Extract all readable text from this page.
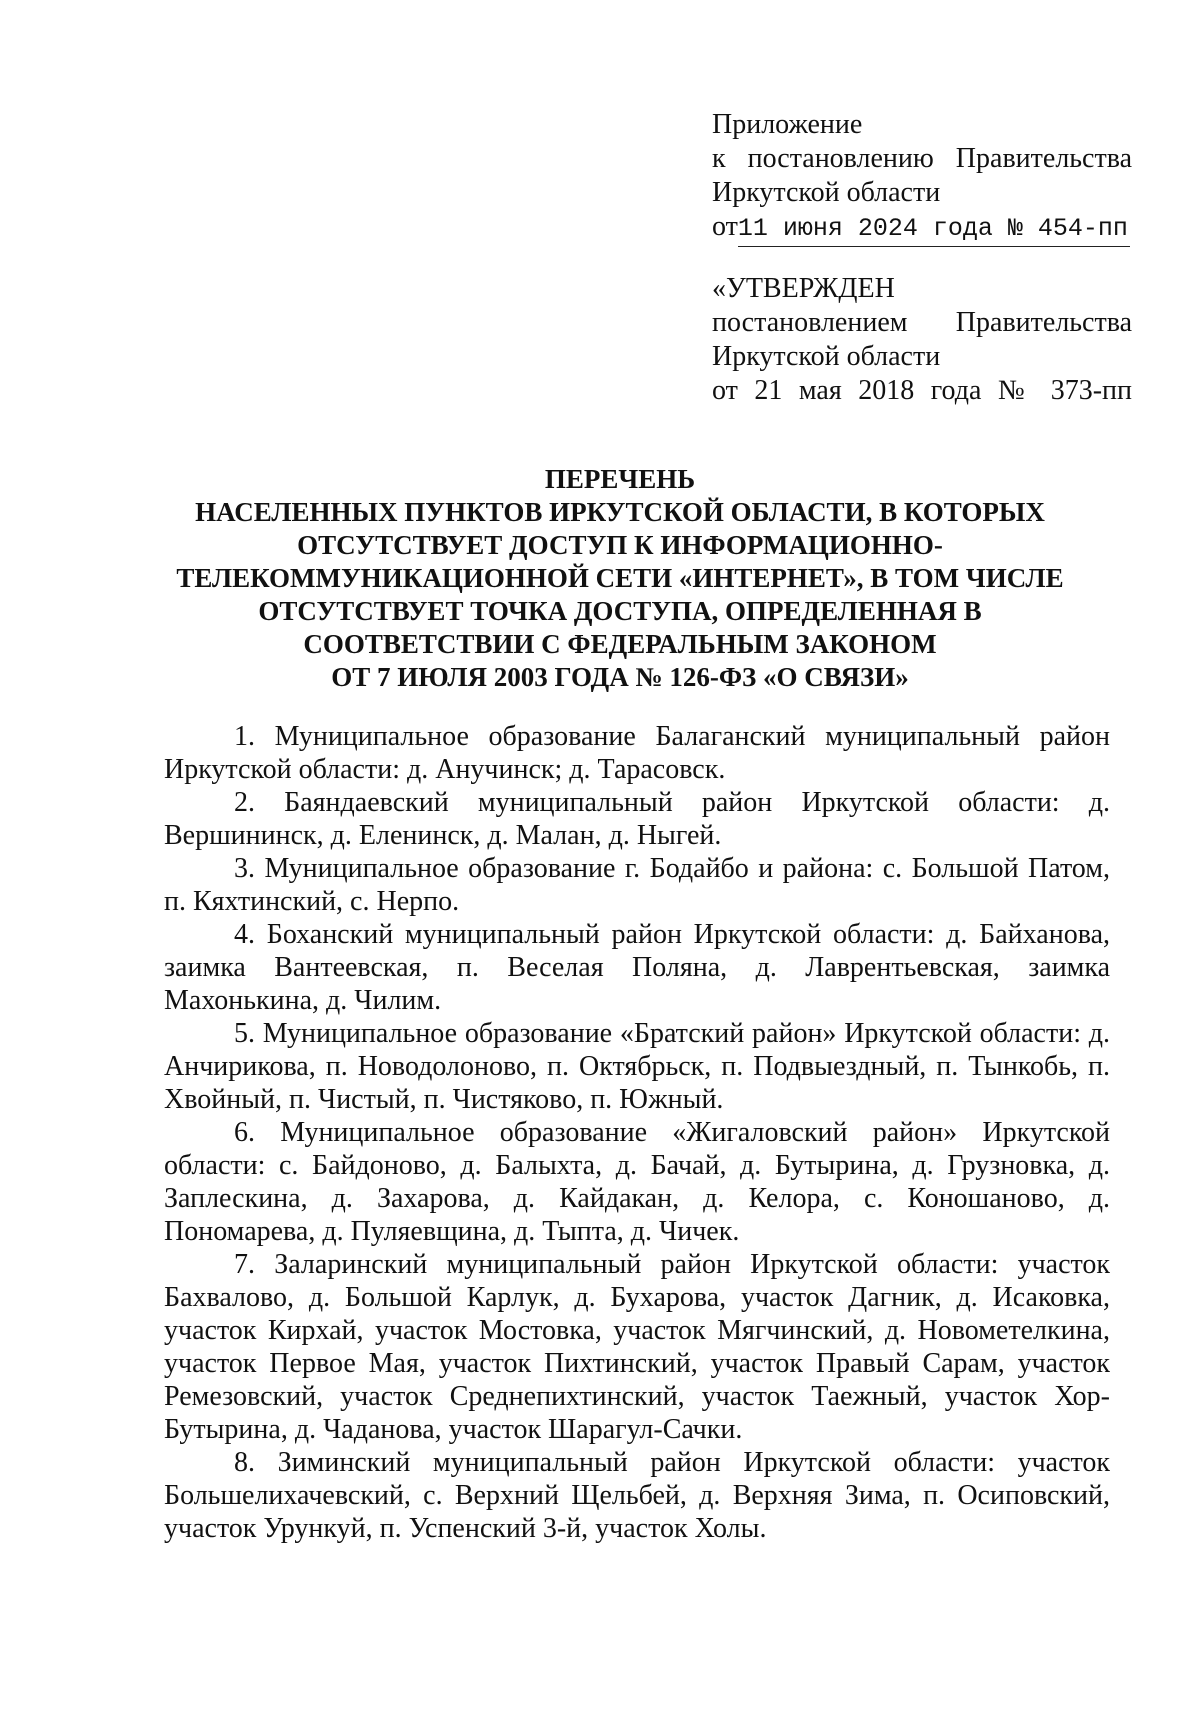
Приложение
к постановлению Правительства
Иркутской области
от11 июня 2024 года № 454-пп
«УТВЕРЖДЕН
постановлением Правительства
Иркутской области
от 21 мая 2018 года № 373-пп
ПЕРЕЧЕНЬ
НАСЕЛЕННЫХ ПУНКТОВ ИРКУТСКОЙ ОБЛАСТИ, В КОТОРЫХ
ОТСУТСТВУЕТ ДОСТУП К ИНФОРМАЦИОННО-
ТЕЛЕКОММУНИКАЦИОННОЙ СЕТИ «ИНТЕРНЕТ», В ТОМ ЧИСЛЕ
ОТСУТСТВУЕТ ТОЧКА ДОСТУПА, ОПРЕДЕЛЕННАЯ В
СООТВЕТСТВИИ С ФЕДЕРАЛЬНЫМ ЗАКОНОМ
ОТ 7 ИЮЛЯ 2003 ГОДА № 126-ФЗ «О СВЯЗИ»

1. Муниципальное образование Балаганский муниципальный район Иркутской области: д. Анучинск; д. Тарасовск.

2. Баяндаевский муниципальный район Иркутской области: д. Вершининск, д. Еленинск, д. Малан, д. Ныгей.

3. Муниципальное образование г. Бодайбо и района: с. Большой Патом, п. Кяхтинский, с. Нерпо.

4. Боханский муниципальный район Иркутской области: д. Байханова, заимка Вантеевская, п. Веселая Поляна, д. Лаврентьевская, заимка Махонькина, д. Чилим.

5. Муниципальное образование «Братский район» Иркутской области: д. Анчирикова, п. Новодолоново, п. Октябрьск, п. Подвыездный, п. Тынкобь, п. Хвойный, п. Чистый, п. Чистяково, п. Южный.

6. Муниципальное образование «Жигаловский район» Иркутской области: с. Байдоново, д. Балыхта, д. Бачай, д. Бутырина, д. Грузновка, д. Заплескина, д. Захарова, д. Кайдакан, д. Келора, с. Коношаново, д. Пономарева, д. Пуляевщина, д. Тыпта, д. Чичек.

7. Заларинский муниципальный район Иркутской области: участок Бахвалово, д. Большой Карлук, д. Бухарова, участок Дагник, д. Исаковка, участок Кирхай, участок Мостовка, участок Мягчинский, д. Новометелкина, участок Первое Мая, участок Пихтинский, участок Правый Сарам, участок Ремезовский, участок Среднепихтинский, участок Таежный, участок Хор-Бутырина, д. Чаданова, участок Шарагул-Сачки.

8. Зиминский муниципальный район Иркутской области: участок Большелихачевский, с. Верхний Щельбей, д. Верхняя Зима, п. Осиповский, участок Урункуй, п. Успенский 3-й, участок Холы.
